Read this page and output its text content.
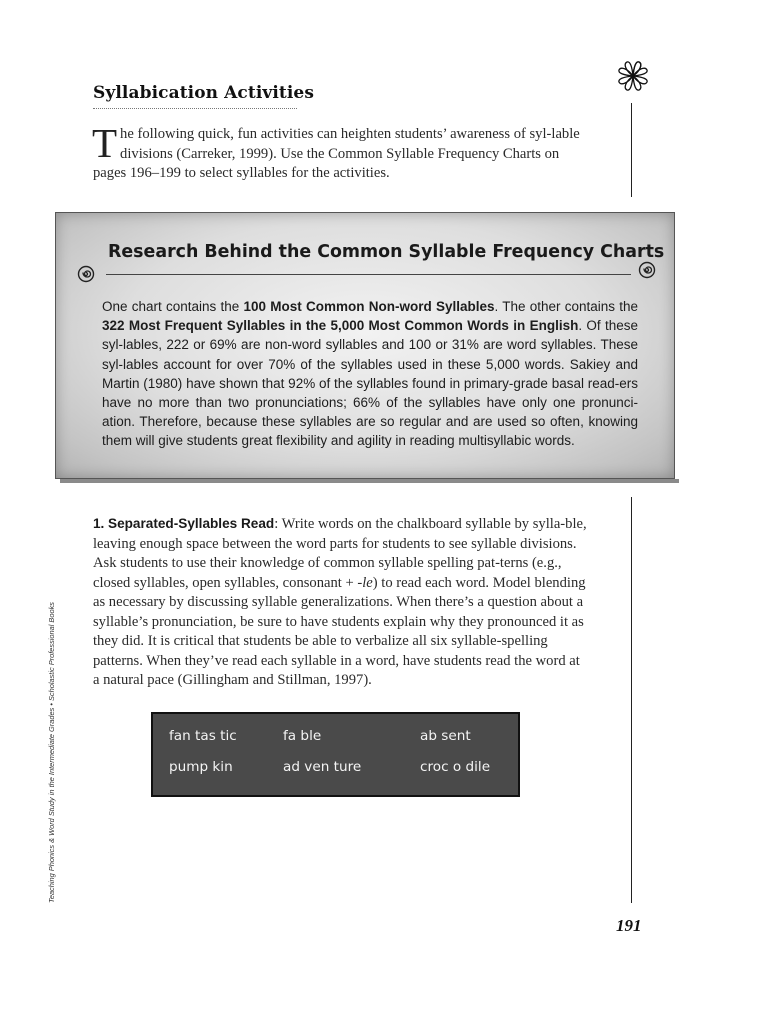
Syllabication Activities
The following quick, fun activities can heighten students’ awareness of syl-lable divisions (Carreker, 1999). Use the Common Syllable Frequency Charts on pages 196–199 to select syllables for the activities.
Research Behind the Common Syllable Frequency Charts
One chart contains the 100 Most Common Non-word Syllables. The other contains the 322 Most Frequent Syllables in the 5,000 Most Common Words in English. Of these syl-lables, 222 or 69% are non-word syllables and 100 or 31% are word syllables. These syl-lables account for over 70% of the syllables used in these 5,000 words. Sakiey and Martin (1980) have shown that 92% of the syllables found in primary-grade basal read-ers have no more than two pronunciations; 66% of the syllables have only one pronunci-ation. Therefore, because these syllables are so regular and are used so often, knowing them will give students great flexibility and agility in reading multisyllabic words.
1. Separated-Syllables Read: Write words on the chalkboard syllable by sylla-ble, leaving enough space between the word parts for students to see syllable divisions. Ask students to use their knowledge of common syllable spelling pat-terns (e.g., closed syllables, open syllables, consonant + -le) to read each word. Model blending as necessary by discussing syllable generalizations. When there’s a question about a syllable’s pronunciation, be sure to have students explain why they pronounced it as they did. It is critical that students be able to verbalize all six syllable-spelling patterns. When they’ve read each syllable in a word, have students read the word at a natural pace (Gillingham and Stillman, 1997).
fan tas tic	fa ble	ab sent
pump kin	ad ven ture	croc o dile
Teaching Phonics & Word Study in the Intermediate Grades • Scholastic Professional Books
191
